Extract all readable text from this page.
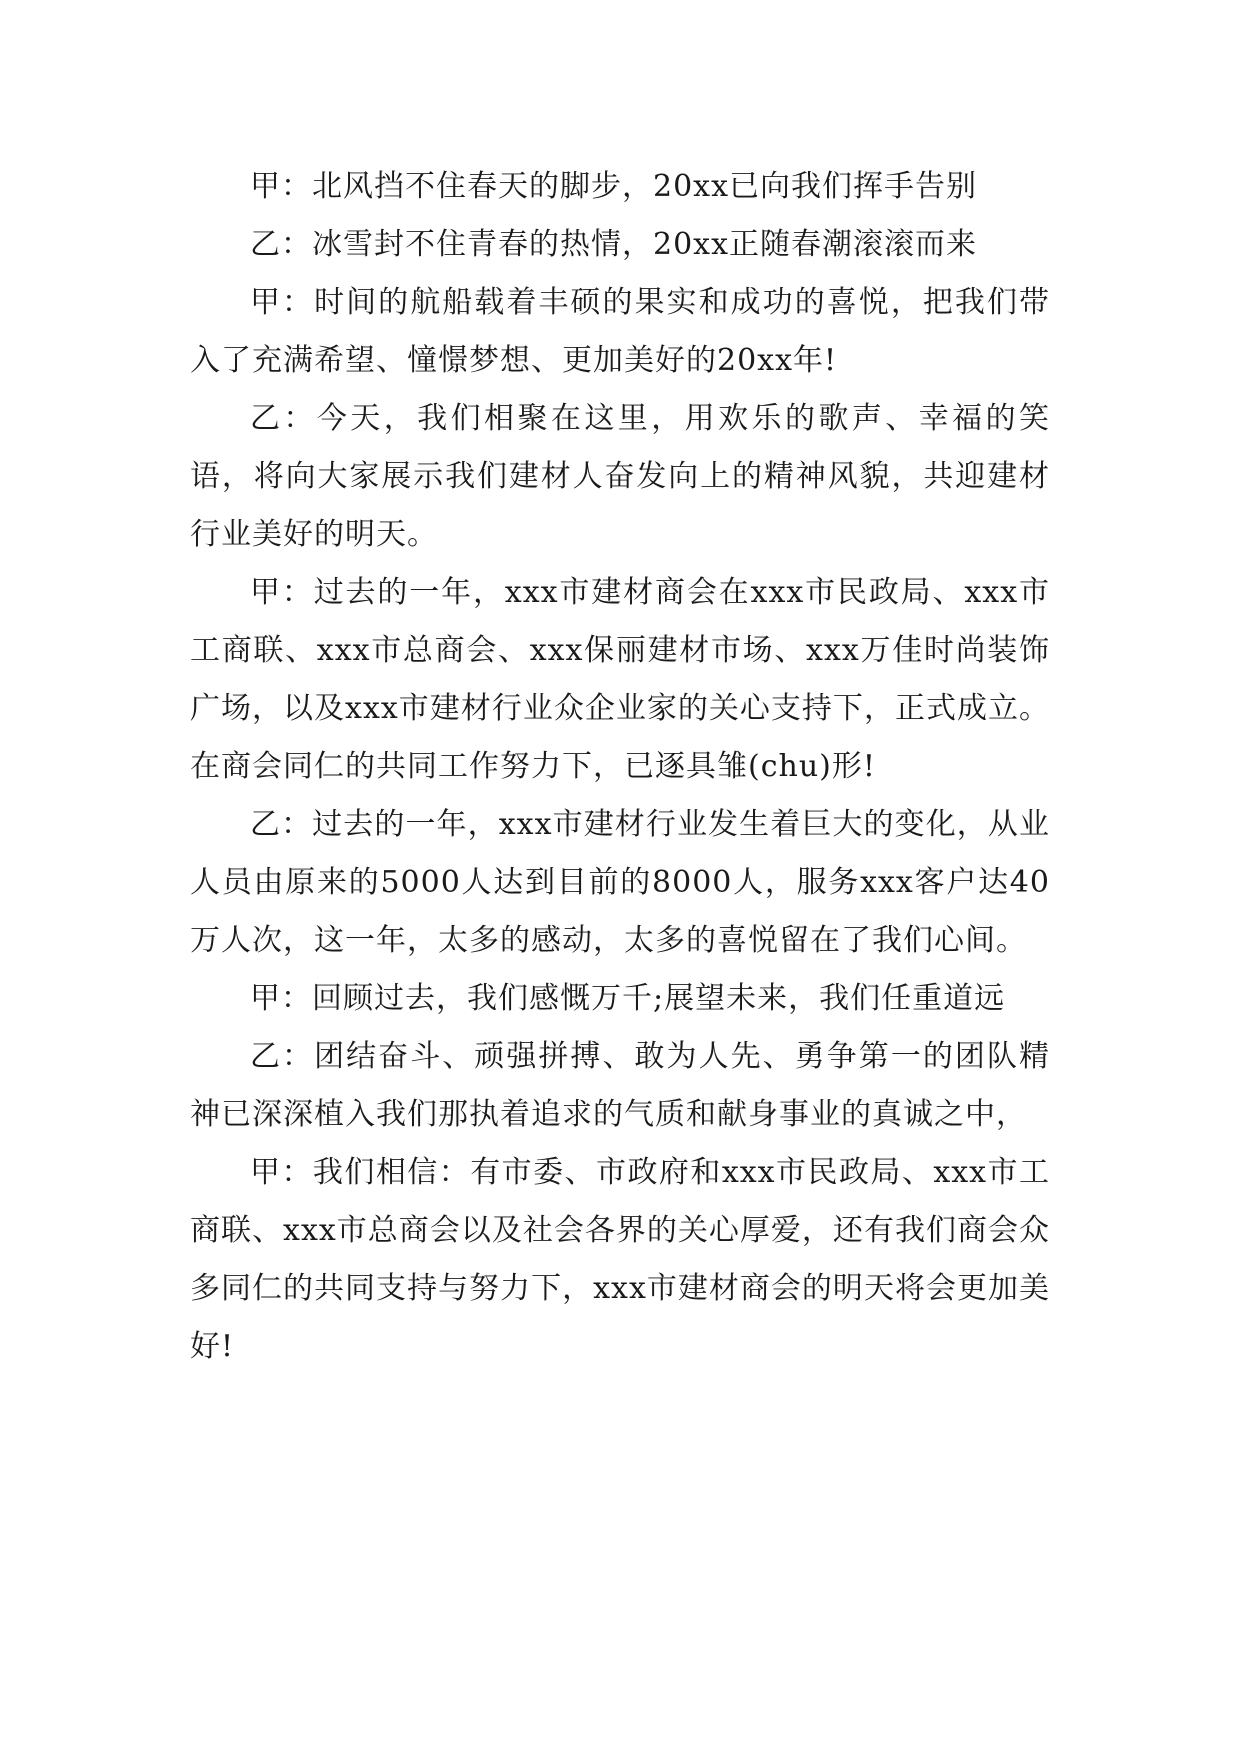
甲：北风挡不住春天的脚步，20xx已向我们挥手告别

乙：冰雪封不住青春的热情，20xx正随春潮滚滚而来

甲：时间的航船载着丰硕的果实和成功的喜悦，把我们带入了充满希望、憧憬梦想、更加美好的20xx年!

乙：今天，我们相聚在这里，用欢乐的歌声、幸福的笑语，将向大家展示我们建材人奋发向上的精神风貌，共迎建材行业美好的明天。

甲：过去的一年，xxx市建材商会在xxx市民政局、xxx市工商联、xxx市总商会、xxx保丽建材市场、xxx万佳时尚装饰广场，以及xxx市建材行业众企业家的关心支持下，正式成立。在商会同仁的共同工作努力下，已逐具雏(chu)形!

乙：过去的一年，xxx市建材行业发生着巨大的变化，从业人员由原来的5000人达到目前的8000人，服务xxx客户达40万人次，这一年，太多的感动，太多的喜悦留在了我们心间。

甲：回顾过去，我们感慨万千;展望未来，我们任重道远

乙：团结奋斗、顽强拼搏、敢为人先、勇争第一的团队精神已深深植入我们那执着追求的气质和献身事业的真诚之中，

甲：我们相信：有市委、市政府和xxx市民政局、xxx市工商联、xxx市总商会以及社会各界的关心厚爱，还有我们商会众多同仁的共同支持与努力下，xxx市建材商会的明天将会更加美好!
